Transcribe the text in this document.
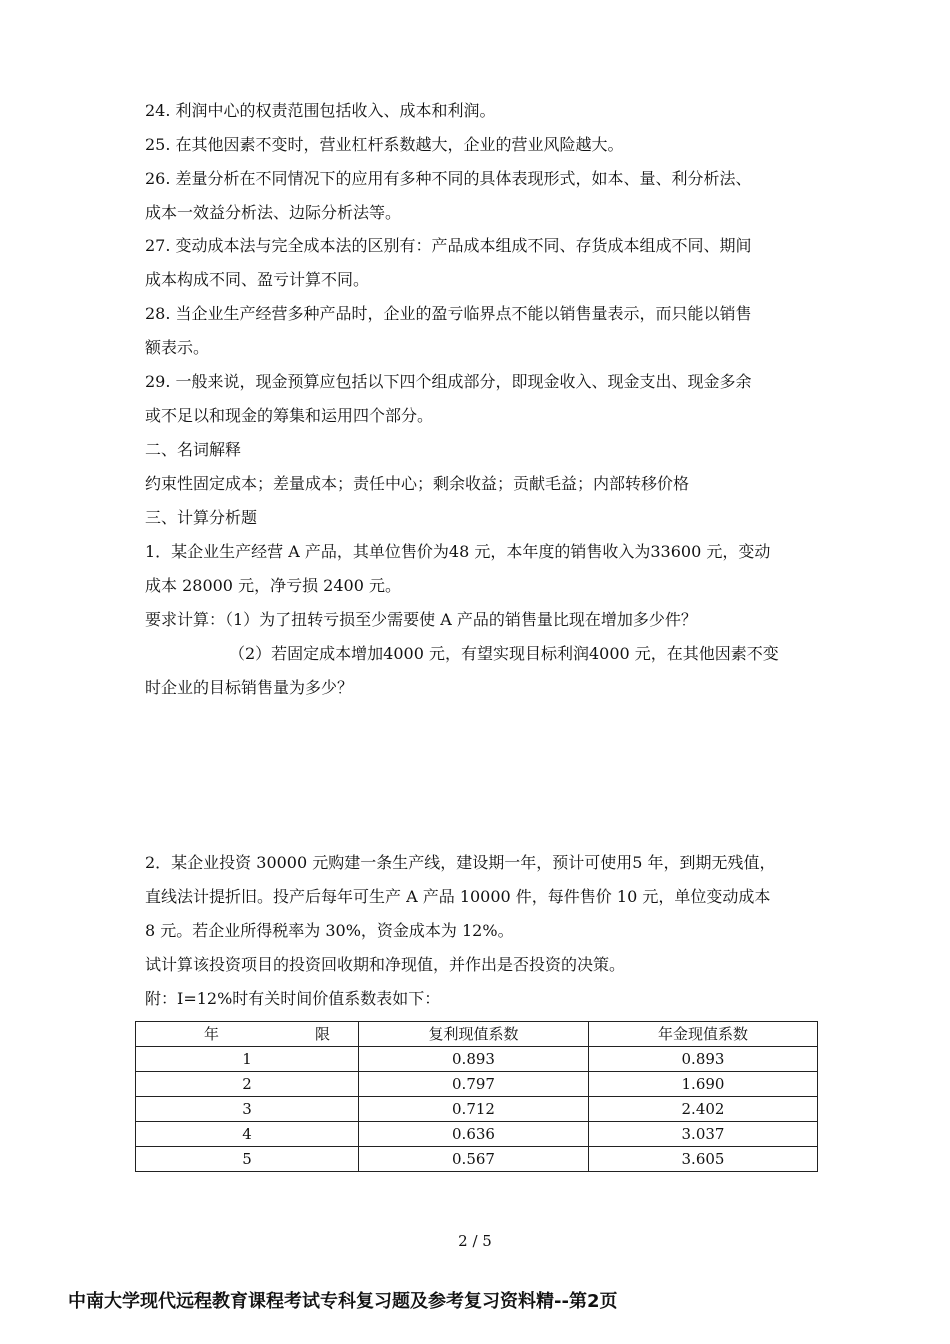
24. 利润中心的权责范围包括收入、成本和利润。
25. 在其他因素不变时，营业杠杆系数越大，企业的营业风险越大。
26. 差量分析在不同情况下的应用有多种不同的具体表现形式，如本、量、利分析法、
成本一效益分析法、边际分析法等。
27. 变动成本法与完全成本法的区别有：产品成本组成不同、存货成本组成不同、期间
成本构成不同、盈亏计算不同。
28. 当企业生产经营多种产品时，企业的盈亏临界点不能以销售量表示，而只能以销售
额表示。
29. 一般来说，现金预算应包括以下四个组成部分，即现金收入、现金支出、现金多余
或不足以和现金的筹集和运用四个部分。
二、名词解释
约束性固定成本；差量成本；责任中心；剩余收益；贡献毛益；内部转移价格
三、计算分析题
1．某企业生产经营 A 产品，其单位售价为48 元，本年度的销售收入为33600 元，变动
成本 28000 元，净亏损 2400 元。
要求计算：（1）为了扭转亏损至少需要使 A 产品的销售量比现在增加多少件？
（2）若固定成本增加4000 元，有望实现目标利润4000 元，在其他因素不变
时企业的目标销售量为多少？
2．某企业投资 30000 元购建一条生产线，建设期一年，预计可使用5 年，到期无残值，
直线法计提折旧。投产后每年可生产 A 产品 10000 件，每件售价 10 元，单位变动成本
8 元。若企业所得税率为 30%，资金成本为 12%。
试计算该投资项目的投资回收期和净现值，并作出是否投资的决策。
附：I=12%时有关时间价值系数表如下：
年 限	复利现值系数	年金现值系数
1	0.893	0.893
2	0.797	1.690
3	0.712	2.402
4	0.636	3.037
5	0.567	3.605
2 / 5
中南大学现代远程教育课程考试专科复习题及参考复习资料精--第2页
